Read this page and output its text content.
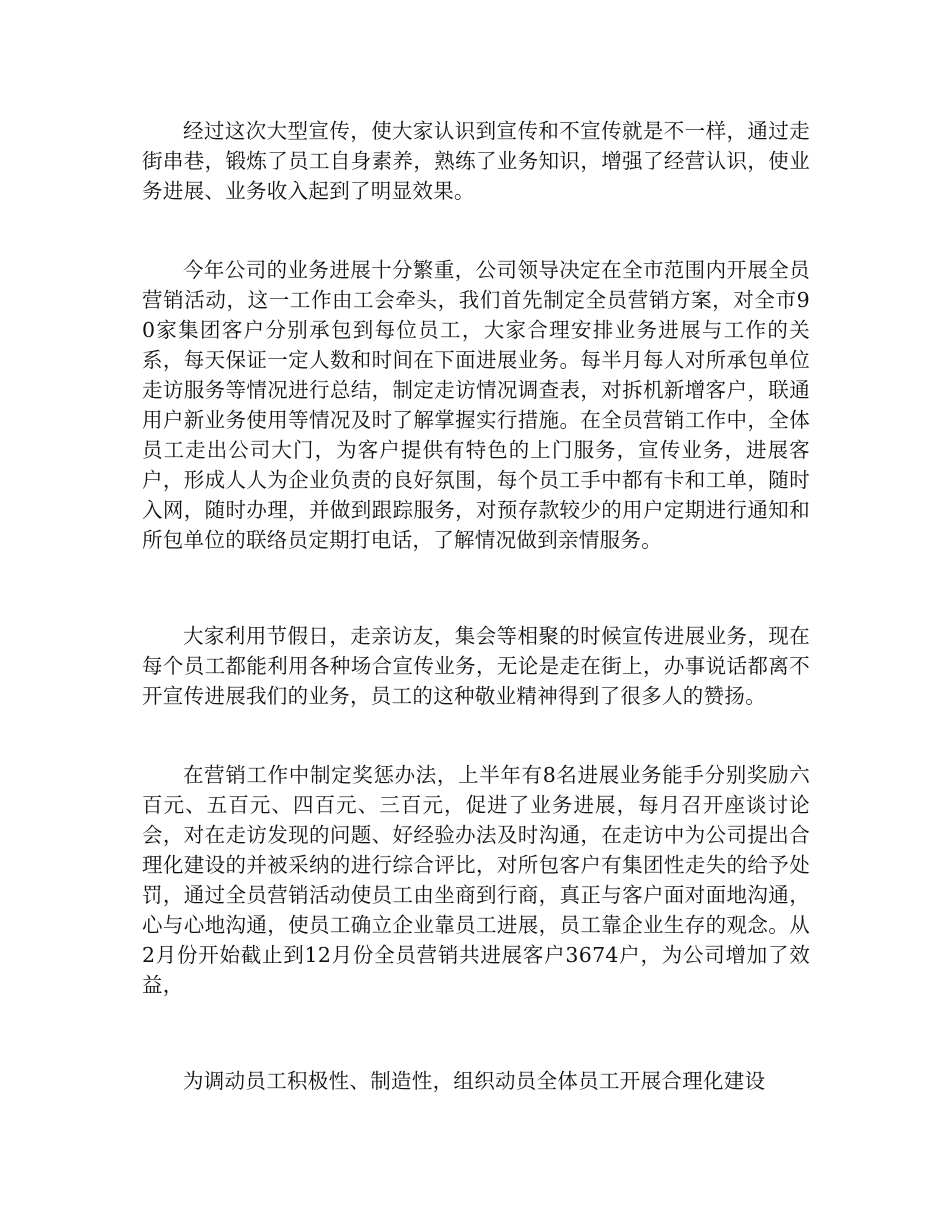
经过这次大型宣传，使大家认识到宣传和不宣传就是不一样，通过走街串巷，锻炼了员工自身素养，熟练了业务知识，增强了经营认识，使业务进展、业务收入起到了明显效果。

今年公司的业务进展十分繁重，公司领导决定在全市范围内开展全员营销活动，这一工作由工会牵头，我们首先制定全员营销方案，对全市90家集团客户分别承包到每位员工，大家合理安排业务进展与工作的关系，每天保证一定人数和时间在下面进展业务。每半月每人对所承包单位走访服务等情况进行总结，制定走访情况调查表，对拆机新增客户，联通用户新业务使用等情况及时了解掌握实行措施。在全员营销工作中，全体员工走出公司大门，为客户提供有特色的上门服务，宣传业务，进展客户，形成人人为企业负责的良好氛围，每个员工手中都有卡和工单，随时入网，随时办理，并做到跟踪服务，对预存款较少的用户定期进行通知和所包单位的联络员定期打电话，了解情况做到亲情服务。

大家利用节假日，走亲访友，集会等相聚的时候宣传进展业务，现在每个员工都能利用各种场合宣传业务，无论是走在街上，办事说话都离不开宣传进展我们的业务，员工的这种敬业精神得到了很多人的赞扬。

在营销工作中制定奖惩办法，上半年有8名进展业务能手分别奖励六百元、五百元、四百元、三百元，促进了业务进展，每月召开座谈讨论会，对在走访发现的问题、好经验办法及时沟通，在走访中为公司提出合理化建设的并被采纳的进行综合评比，对所包客户有集团性走失的给予处罚，通过全员营销活动使员工由坐商到行商，真正与客户面对面地沟通，心与心地沟通，使员工确立企业靠员工进展，员工靠企业生存的观念。从2月份开始截止到12月份全员营销共进展客户3674户，为公司增加了效益，

为调动员工积极性、制造性，组织动员全体员工开展合理化建设
